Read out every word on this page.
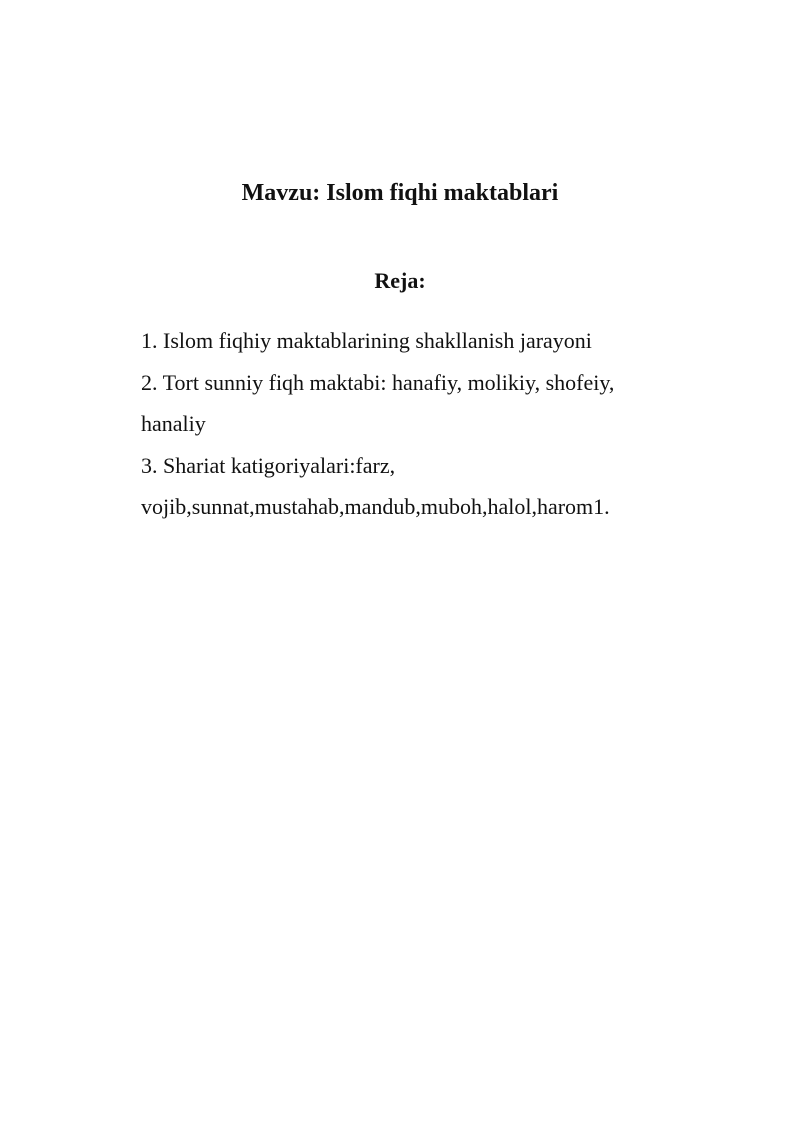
Mavzu: Islom fiqhi maktablari
Reja:
1. Islom fiqhiy maktablarining shakllanish jarayoni
2. Tort sunniy fiqh maktabi: hanafiy, molikiy, shofeiy, hanaliy
3. Shariat katigoriyalari:farz, vojib,sunnat,mustahab,mandub,muboh,halol,harom1.
